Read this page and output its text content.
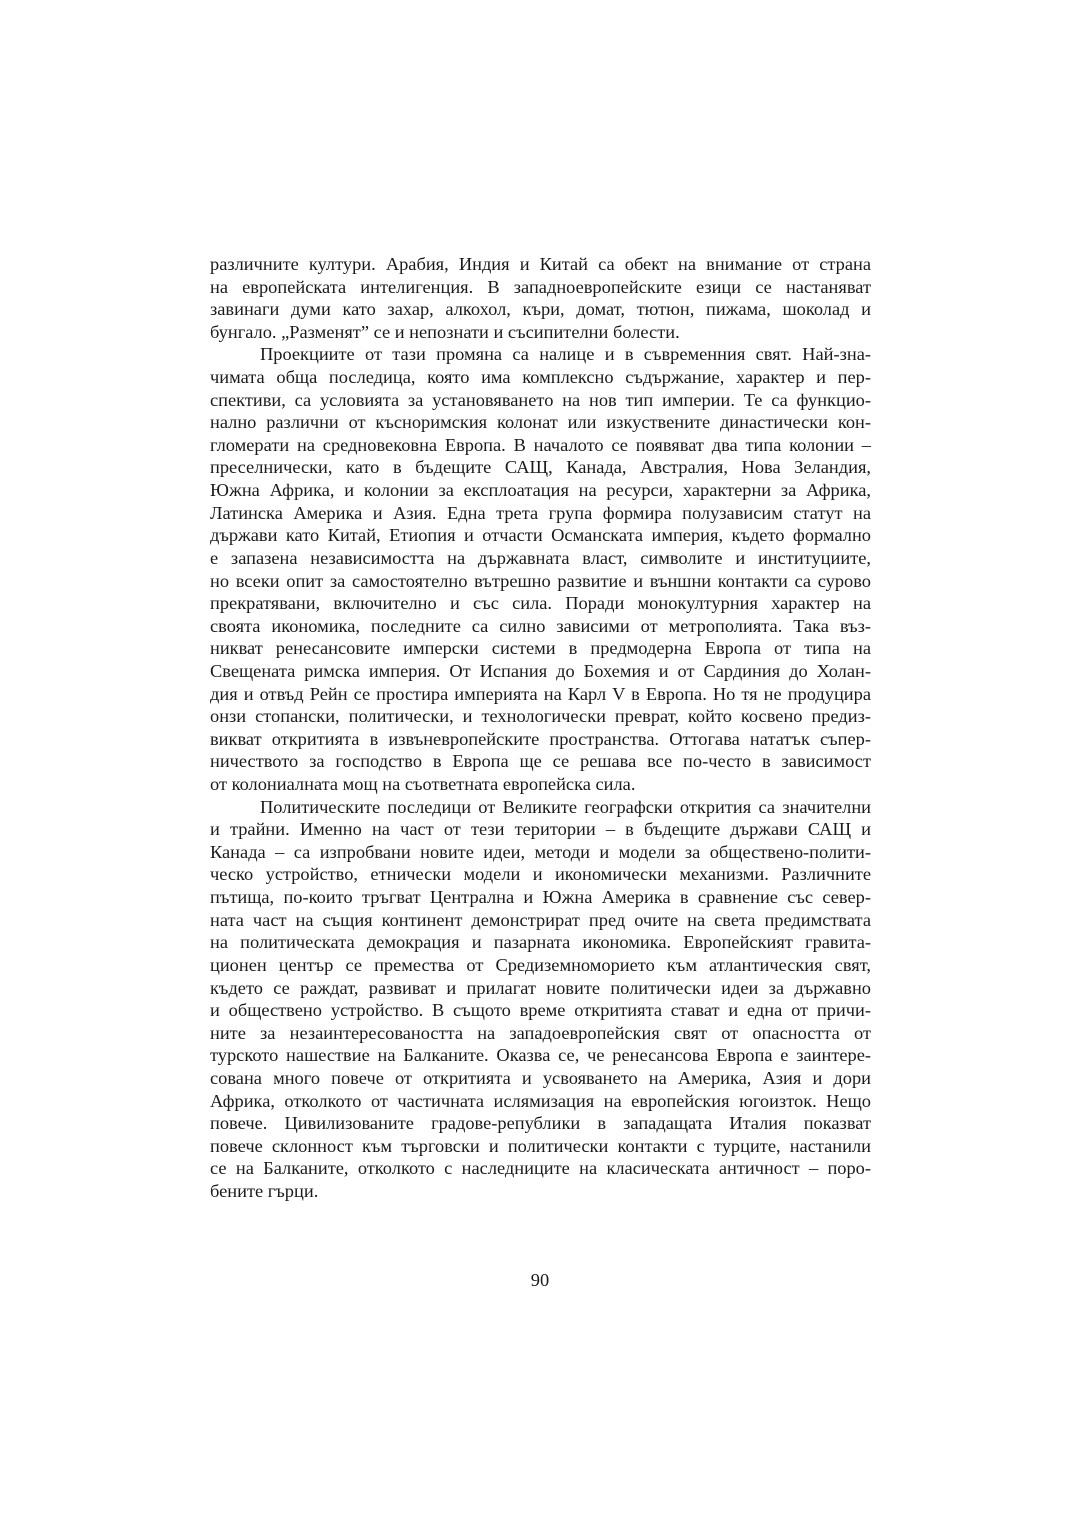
различните култури. Арабия, Индия и Китай са обект на внимание от страна
на европейската интелигенция. В западноевропейските езици се настаняват
завинаги думи като захар, алкохол, къри, домат, тютюн, пижама, шоколад и
бунгало. „Разменят” се и непознати и съсипителни болести.
Проекциите от тази промяна са налице и в съвременния свят. Най-зна-
чимата обща последица, която има комплексно съдържание, характер и пер-
спективи, са условията за установяването на нов тип империи. Те са функцио-
нално различни от късноримския колонат или изкуствените династически кон-
гломерати на средновековна Европа. В началото се появяват два типа колонии –
преселнически, като в бъдещите САЩ, Канада, Австралия, Нова Зеландия,
Южна Африка, и колонии за експлоатация на ресурси, характерни за Африка,
Латинска Америка и Азия. Една трета група формира полузависим статут на
държави като Китай, Етиопия и отчасти Османската империя, където формално
е запазена независимостта на държавната власт, символите и институциите,
но всеки опит за самостоятелно вътрешно развитие и външни контакти са сурово
прекратявани, включително и със сила. Поради монокултурния характер на
своята икономика, последните са силно зависими от метрополията. Така въз-
никват ренесансовите имперски системи в предмодерна Европа от типа на
Свещената римска империя. От Испания до Бохемия и от Сардиния до Холан-
дия и отвъд Рейн се простира империята на Карл V в Европа. Но тя не продуцира
онзи стопански, политически, и технологически преврат, който косвено предиз-
викват откритията в извъневропейските пространства. Оттогава нататък съпер-
ничеството за господство в Европа ще се решава все по-често в зависимост
от колониалната мощ на съответната европейска сила.
Политическите последици от Великите географски открития са значителни
и трайни. Именно на част от тези територии – в бъдещите държави САЩ и
Канада – са изпробвани новите идеи, методи и модели за обществено-полити-
ческо устройство, етнически модели и икономически механизми. Различните
пътища, по-които тръгват Централна и Южна Америка в сравнение със север-
ната част на същия континент демонстрират пред очите на света предимствата
на политическата демокрация и пазарната икономика. Европейският гравита-
ционен център се премества от Средиземноморието към атлантическия свят,
където се раждат, развиват и прилагат новите политически идеи за държавно
и обществено устройство. В същото време откритията стават и една от причи-
ните за незаинтересоваността на западоевропейския свят от опасността от
турското нашествие на Балканите. Оказва се, че ренесансова Европа е заинтере-
сована много повече от откритията и усвояването на Америка, Азия и дори
Африка, отколкото от частичната ислямизация на европейския югоизток. Нещо
повече. Цивилизованите градове-републики в западащата Италия показват
повече склонност към търговски и политически контакти с турците, настанили
се на Балканите, отколкото с наследниците на класическата античност – поро-
бените гърци.
90
